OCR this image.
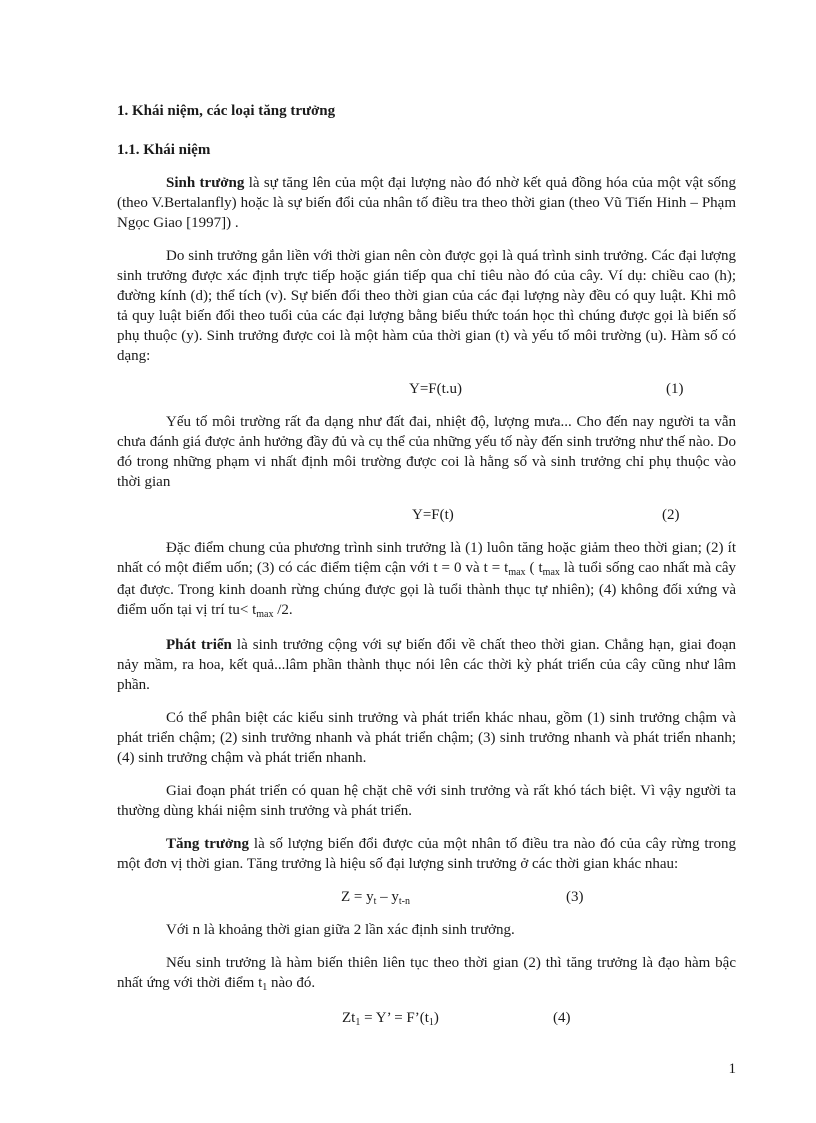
1. Khái niệm, các loại tăng trưởng
1.1. Khái niệm

Sinh trưởng là sự tăng lên của một đại lượng nào đó nhờ kết quả đồng hóa của một vật sống (theo V.Bertalanfly) hoặc là sự biến đổi của nhân tố điều tra theo thời gian (theo Vũ Tiến Hinh – Phạm Ngọc Giao [1997]) .

Do sinh trưởng gắn liền với thời gian nên còn được gọi là quá trình sinh trưởng. Các đại lượng sinh trưởng được xác định trực tiếp hoặc gián tiếp qua chỉ tiêu nào đó của cây. Ví dụ: chiều cao (h); đường kính (d); thể tích (v). Sự biến đổi theo thời gian của các đại lượng này đều có quy luật. Khi mô tả quy luật biến đổi theo tuổi của các đại lượng bằng biểu thức toán học thì chúng được gọi là biến số phụ thuộc (y). Sinh trưởng được coi là một hàm của thời gian (t) và yếu tố môi trường (u). Hàm số có dạng:

Y=F(t.u)	(1)

Yếu tố môi trường rất đa dạng như đất đai, nhiệt độ, lượng mưa... Cho đến nay người ta vẫn chưa đánh giá được ảnh hưởng đầy đủ và cụ thể của những yếu tố này đến sinh trưởng như thế nào. Do đó trong những phạm vi nhất định môi trường được coi là hằng số và sinh trưởng chỉ phụ thuộc vào thời gian

Y=F(t)	(2)

Đặc điểm chung của phương trình sinh trưởng là (1) luôn tăng hoặc giảm theo thời gian; (2) ít nhất có một điểm uốn; (3) có các điểm tiệm cận với t = 0 và $t = t_{max}$ ( $t_{max}$ là tuổi sống cao nhất mà cây đạt được. Trong kinh doanh rừng chúng được gọi là tuổi thành thục tự nhiên); (4) không đối xứng và điểm uốn tại vị trí $tu< t_{max}$ /2.

Phát triển là sinh trưởng cộng với sự biến đổi về chất theo thời gian. Chẳng hạn, giai đoạn nảy mầm, ra hoa, kết quả...lâm phần thành thục nói lên các thời kỳ phát triển của cây cũng như lâm phần.

Có thể phân biệt các kiểu sinh trưởng và phát triển khác nhau, gồm (1) sinh trưởng chậm và phát triển chậm; (2) sinh trưởng nhanh và phát triển chậm; (3) sinh trưởng nhanh và phát triển nhanh; (4) sinh trưởng chậm và phát triển nhanh.

Giai đoạn phát triển có quan hệ chặt chẽ với sinh trưởng và rất khó tách biệt. Vì vậy người ta thường dùng khái niệm sinh trưởng và phát triển.

Tăng trưởng là số lượng biến đổi được của một nhân tố điều tra nào đó của cây rừng trong một đơn vị thời gian. Tăng trưởng là hiệu số đại lượng sinh trưởng ở các thời gian khác nhau:

$Z = y_t - y_{t-n}$	(3)

Với n là khoảng thời gian giữa 2 lần xác định sinh trưởng.

Nếu sinh trưởng là hàm biến thiên liên tục theo thời gian (2) thì tăng trưởng là đạo hàm bậc nhất ứng với thời điểm $t_1$ nào đó.

$Zt_1 = Y$’ = $F’(t_1)$	(4)
1
